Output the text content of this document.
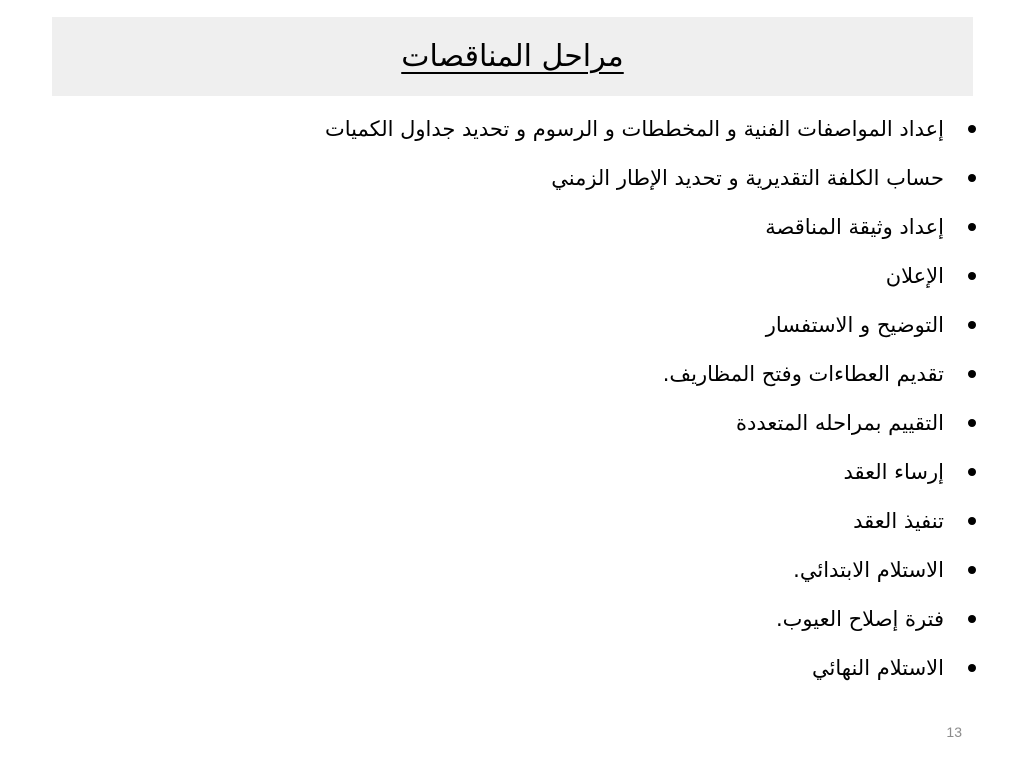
مراحل المناقصات
إعداد المواصفات الفنية و المخططات و الرسوم و تحديد جداول الكميات
حساب الكلفة التقديرية و تحديد الإطار الزمني
إعداد وثيقة المناقصة
الإعلان
التوضيح و الاستفسار
تقديم العطاءات وفتح المظاريف.
التقييم بمراحله المتعددة
إرساء العقد
تنفيذ العقد
الاستلام الابتدائي.
فترة إصلاح العيوب.
الاستلام النهائي
13
